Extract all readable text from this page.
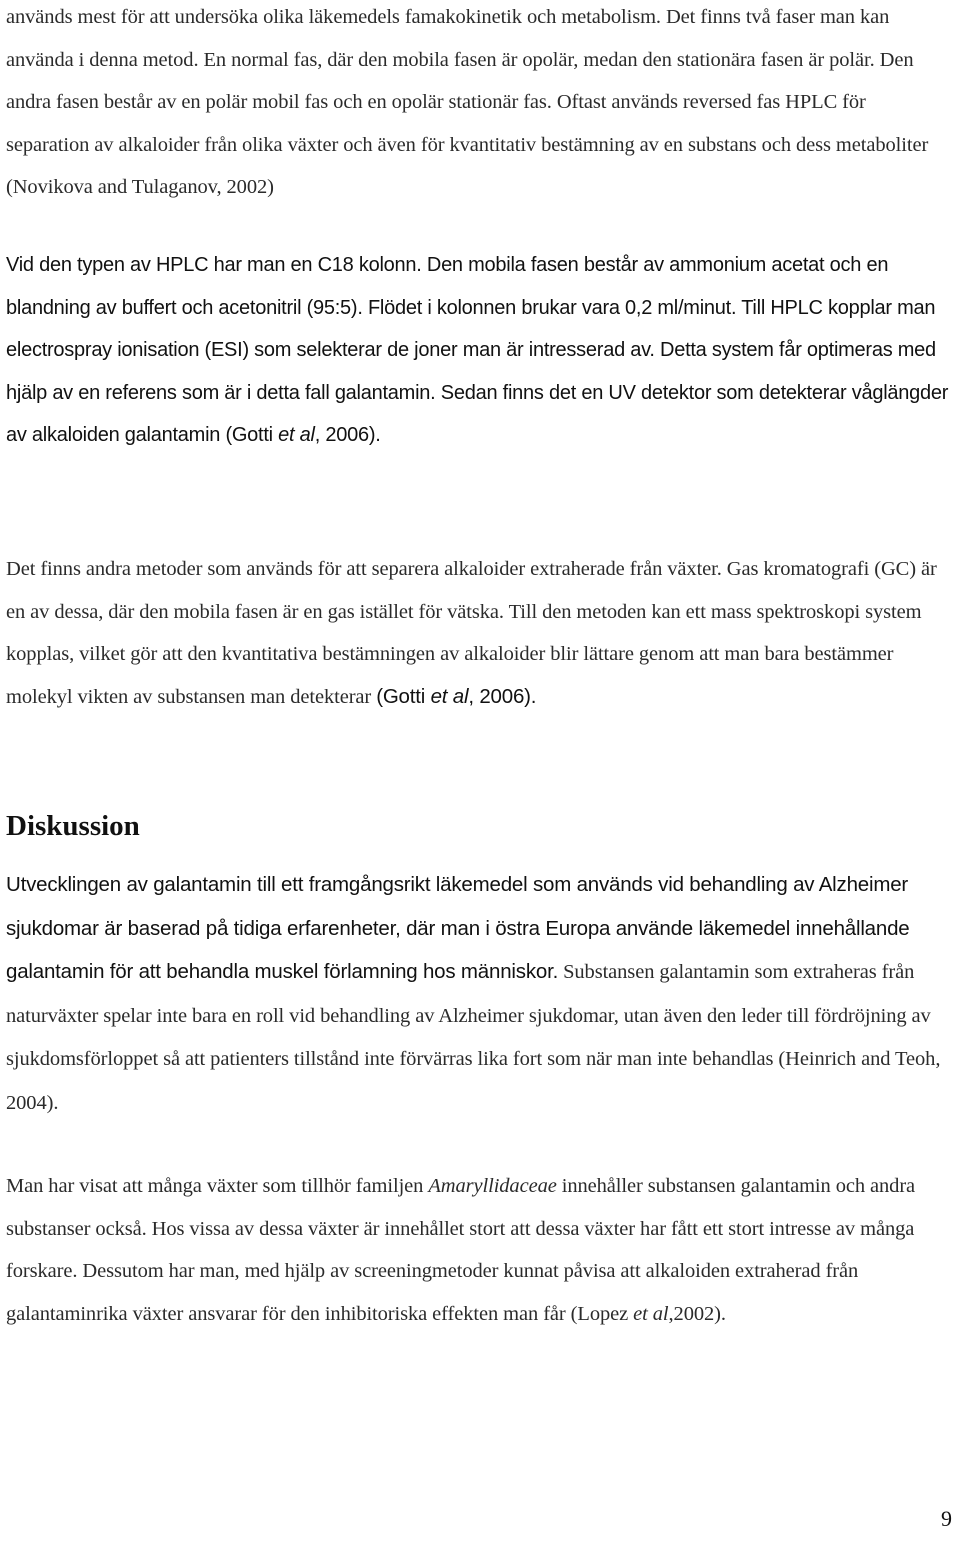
används mest för att undersöka olika läkemedels famakokinetik och metabolism. Det finns två faser man kan använda i denna metod. En normal fas, där den mobila fasen är opolär, medan den stationära fasen är polär. Den andra fasen består av en polär mobil fas och en opolär stationär fas. Oftast används reversed fas HPLC för separation av alkaloider från olika växter och även för kvantitativ bestämning av en substans och dess metaboliter (Novikova and Tulaganov, 2002)

Vid den typen av HPLC har man en C18 kolonn. Den mobila fasen består av ammonium acetat och en blandning av buffert och acetonitril (95:5). Flödet i kolonnen brukar vara 0,2 ml/minut. Till HPLC kopplar man electrospray ionisation (ESI) som selekterar de joner man är intresserad av. Detta system får optimeras med hjälp av en referens som är i detta fall galantamin. Sedan finns det en UV detektor som detekterar våglängder av alkaloiden galantamin (Gotti et al, 2006).

Det finns andra metoder som används för att separera alkaloider extraherade från växter. Gas kromatografi (GC) är en av dessa, där den mobila fasen är en gas istället för vätska. Till den metoden kan ett mass spektroskopi system kopplas, vilket gör att den kvantitativa bestämningen av alkaloider blir lättare genom att man bara bestämmer molekyl vikten av substansen man detekterar (Gotti et al, 2006).

Diskussion

Utvecklingen av galantamin till ett framgångsrikt läkemedel som används vid behandling av Alzheimer sjukdomar är baserad på tidiga erfarenheter, där man i östra Europa använde läkemedel innehållande galantamin för att behandla muskel förlamning hos människor. Substansen galantamin som extraheras från naturväxter spelar inte bara en roll vid behandling av Alzheimer sjukdomar, utan även den leder till fördröjning av sjukdomsförloppet så att patienters tillstånd inte förvärras lika fort som när man inte behandlas (Heinrich and Teoh, 2004).

Man har visat att många växter som tillhör familjen Amaryllidaceae innehåller substansen galantamin och andra substanser också. Hos vissa av dessa växter är innehållet stort att dessa växter har fått ett stort intresse av många forskare. Dessutom har man, med hjälp av screeningmetoder kunnat påvisa att alkaloiden extraherad från galantaminrika växter ansvarar för den inhibitoriska effekten man får (Lopez et al,2002).

9
